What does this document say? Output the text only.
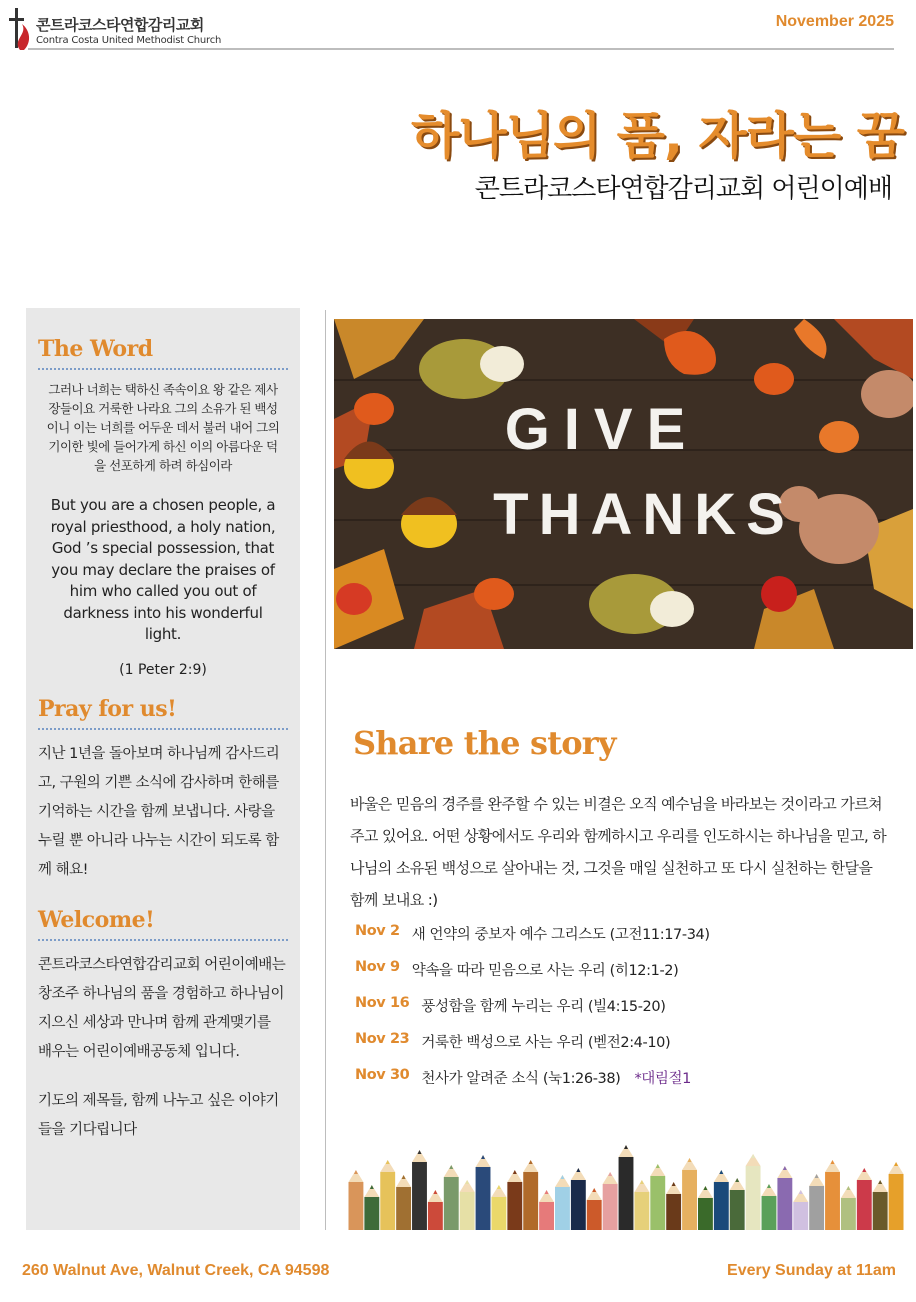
콘트라코스타연합감리교회
Contra Costa United Methodist Church
November 2025
하나님의 품, 자라는 꿈
콘트라코스타연합감리교회 어린이예배
The Word
그러나 너희는 택하신 족속이요 왕 같은 제사장들이요 거룩한 나라요 그의 소유가 된 백성이니 이는 너희를 어두운 데서 불러 내어 그의 기이한 빛에 들어가게 하신 이의 아름다운 덕을 선포하게 하려 하심이라
But you are a chosen people, a royal priesthood, a holy nation, God ’s special possession, that you may declare the praises of him who called you out of darkness into his wonderful light.
(1 Peter 2:9)
Pray for us!
지난 1년을 돌아보며 하나님께 감사드리고, 구원의 기쁜 소식에 감사하며 한해를 기억하는 시간을 함께 보냅니다. 사랑을 누릴 뿐 아니라 나누는 시간이 되도록 함께 해요!
Welcome!
콘트라코스타연합감리교회 어린이예배는 창조주 하나님의 품을 경험하고 하나님이 지으신 세상과 만나며 함께 관계맺기를 배우는 어린이예배공동체 입니다.
기도의 제목들, 함께 나누고 싶은 이야기들을 기다립니다
GIVE
THANKS
Share the story
바울은 믿음의 경주를 완주할 수 있는 비결은 오직 예수님을 바라보는 것이라고 가르쳐 주고 있어요. 어떤 상황에서도 우리와 함께하시고 우리를 인도하시는 하나님을 믿고, 하나님의 소유된 백성으로 살아내는 것, 그것을 매일 실천하고 또 다시 실천하는 한달을 함께 보내요 :)
Nov 2 새 언약의 중보자 예수 그리스도 (고전11:17-34)
Nov 9 약속을 따라 믿음으로 사는 우리 (히12:1-2)
Nov 16 풍성함을 함께 누리는 우리 (빌4:15-20)
Nov 23 거룩한 백성으로 사는 우리 (벧전2:4-10)
Nov 30 천사가 알려준 소식 (눅1:26-38) *대림절1
260 Walnut Ave, Walnut Creek, CA 94598	Every Sunday at 11am
